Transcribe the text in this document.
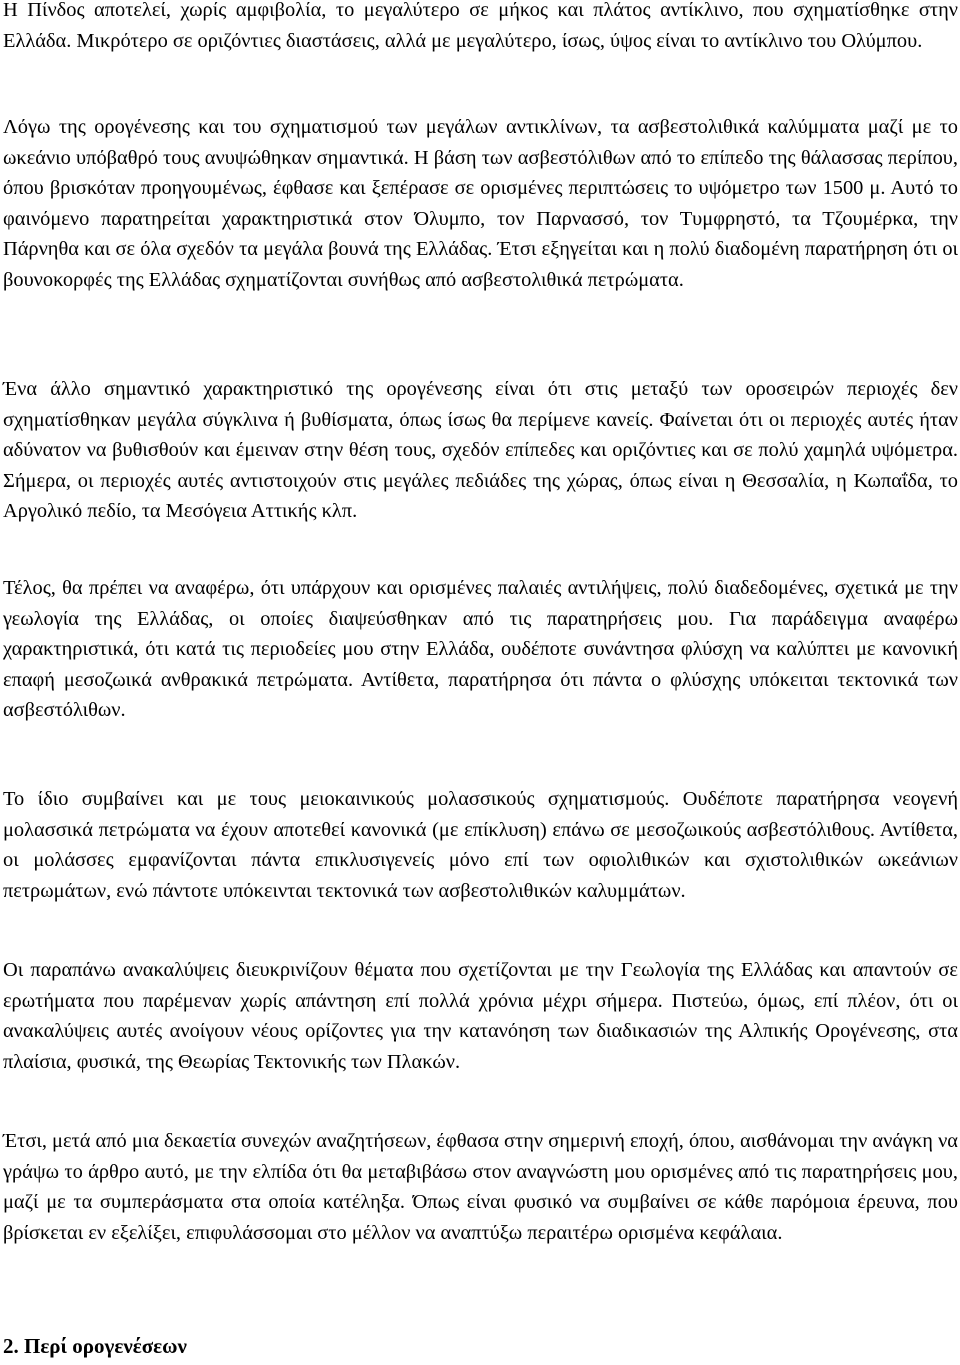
Η Πίνδος αποτελεί, χωρίς αμφιβολία, το μεγαλύτερο σε μήκος και πλάτος αντίκλινο, που σχηματίσθηκε στην Ελλάδα. Μικρότερο σε οριζόντιες διαστάσεις, αλλά με μεγαλύτερο, ίσως, ύψος είναι το αντίκλινο του Ολύμπου.

Λόγω της ορογένεσης και του σχηματισμού των μεγάλων αντικλίνων, τα ασβεστολιθικά καλύμματα μαζί με το ωκεάνιο υπόβαθρό τους ανυψώθηκαν σημαντικά. Η βάση των ασβεστόλιθων από το επίπεδο της θάλασσας περίπου, όπου βρισκόταν προηγουμένως, έφθασε και ξεπέρασε σε ορισμένες περιπτώσεις το υψόμετρο των 1500 μ. Αυτό το φαινόμενο παρατηρείται χαρακτηριστικά στον Όλυμπο, τον Παρνασσό, τον Τυμφρηστό, τα Τζουμέρκα, την Πάρνηθα και σε όλα σχεδόν τα μεγάλα βουνά της Ελλάδας. Έτσι εξηγείται και η πολύ διαδομένη παρατήρηση ότι οι βουνοκορφές της Ελλάδας σχηματίζονται συνήθως από ασβεστολιθικά πετρώματα.

Ένα άλλο σημαντικό χαρακτηριστικό της ορογένεσης είναι ότι στις μεταξύ των οροσειρών περιοχές δεν σχηματίσθηκαν μεγάλα σύγκλινα ή βυθίσματα, όπως ίσως θα περίμενε κανείς. Φαίνεται ότι οι περιοχές αυτές ήταν αδύνατον να βυθισθούν και έμειναν στην θέση τους, σχεδόν επίπεδες και οριζόντιες και σε πολύ χαμηλά υψόμετρα. Σήμερα, οι περιοχές αυτές αντιστοιχούν στις μεγάλες πεδιάδες της χώρας, όπως είναι η Θεσσαλία, η Κωπαΐδα, το Αργολικό πεδίο, τα Μεσόγεια Αττικής κλπ.

Τέλος, θα πρέπει να αναφέρω, ότι υπάρχουν και ορισμένες παλαιές αντιλήψεις, πολύ διαδεδομένες, σχετικά με την γεωλογία της Ελλάδας, οι οποίες διαψεύσθηκαν από τις παρατηρήσεις μου. Για παράδειγμα αναφέρω χαρακτηριστικά, ότι κατά τις περιοδείες μου στην Ελλάδα, ουδέποτε συνάντησα φλύσχη να καλύπτει με κανονική επαφή μεσοζωικά ανθρακικά πετρώματα. Αντίθετα, παρατήρησα ότι πάντα ο φλύσχης υπόκειται τεκτονικά των ασβεστόλιθων.

Το ίδιο συμβαίνει και με τους μειοκαινικούς μολασσικούς σχηματισμούς. Ουδέποτε παρατήρησα νεογενή μολασσικά πετρώματα να έχουν αποτεθεί κανονικά (με επίκλυση) επάνω σε μεσοζωικούς ασβεστόλιθους. Αντίθετα, οι μολάσσες εμφανίζονται πάντα επικλυσιγενείς μόνο επί των οφιολιθικών και σχιστολιθικών ωκεάνιων πετρωμάτων, ενώ πάντοτε υπόκεινται τεκτονικά των ασβεστολιθικών καλυμμάτων.

Οι παραπάνω ανακαλύψεις διευκρινίζουν θέματα που σχετίζονται με την Γεωλογία της Ελλάδας και απαντούν σε ερωτήματα που παρέμεναν χωρίς απάντηση επί πολλά χρόνια μέχρι σήμερα. Πιστεύω, όμως, επί πλέον, ότι οι ανακαλύψεις αυτές ανοίγουν νέους ορίζοντες για την κατανόηση των διαδικασιών της Αλπικής Ορογένεσης, στα πλαίσια, φυσικά, της Θεωρίας Τεκτονικής των Πλακών.

Έτσι, μετά από μια δεκαετία συνεχών αναζητήσεων, έφθασα στην σημερινή εποχή, όπου, αισθάνομαι την ανάγκη να γράψω το άρθρο αυτό, με την ελπίδα ότι θα μεταβιβάσω στον αναγνώστη μου ορισμένες από τις παρατηρήσεις μου, μαζί με τα συμπεράσματα στα οποία κατέληξα. Όπως είναι φυσικό να συμβαίνει σε κάθε παρόμοια έρευνα, που βρίσκεται εν εξελίξει, επιφυλάσσομαι στο μέλλον να αναπτύξω περαιτέρω ορισμένα κεφάλαια.

2. Περί ορογενέσεων
